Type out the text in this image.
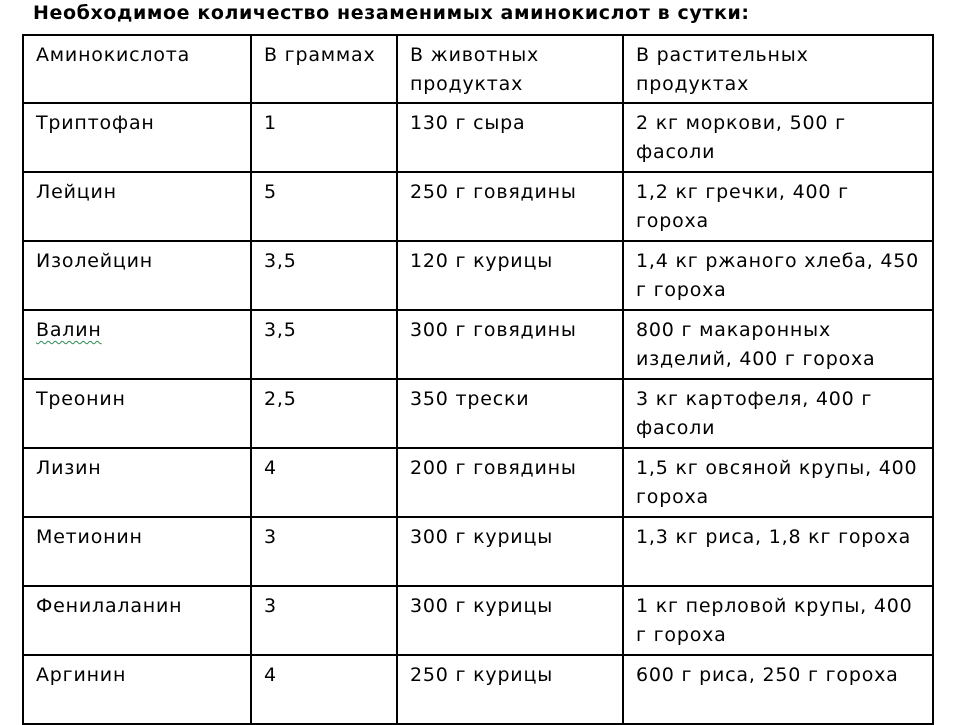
Необходимое количество незаменимых аминокислот в сутки:
Аминокислота	В граммах	В животных продуктах	В растительных продуктах
Триптофан	1	130 г сыра	2 кг моркови, 500 г фасоли
Лейцин	5	250 г говядины	1,2 кг гречки, 400 г гороха
Изолейцин	3,5	120 г курицы	1,4 кг ржаного хлеба, 450 г гороха
Валин	3,5	300 г говядины	800 г макаронных изделий, 400 г гороха
Треонин	2,5	350 трески	3 кг картофеля, 400 г фасоли
Лизин	4	200 г говядины	1,5 кг овсяной крупы, 400 гороха
Метионин	3	300 г курицы	1,3 кг риса, 1,8 кг гороха
Фенилаланин	3	300 г курицы	1 кг перловой крупы, 400 г гороха
Аргинин	4	250 г курицы	600 г риса, 250 г гороха
